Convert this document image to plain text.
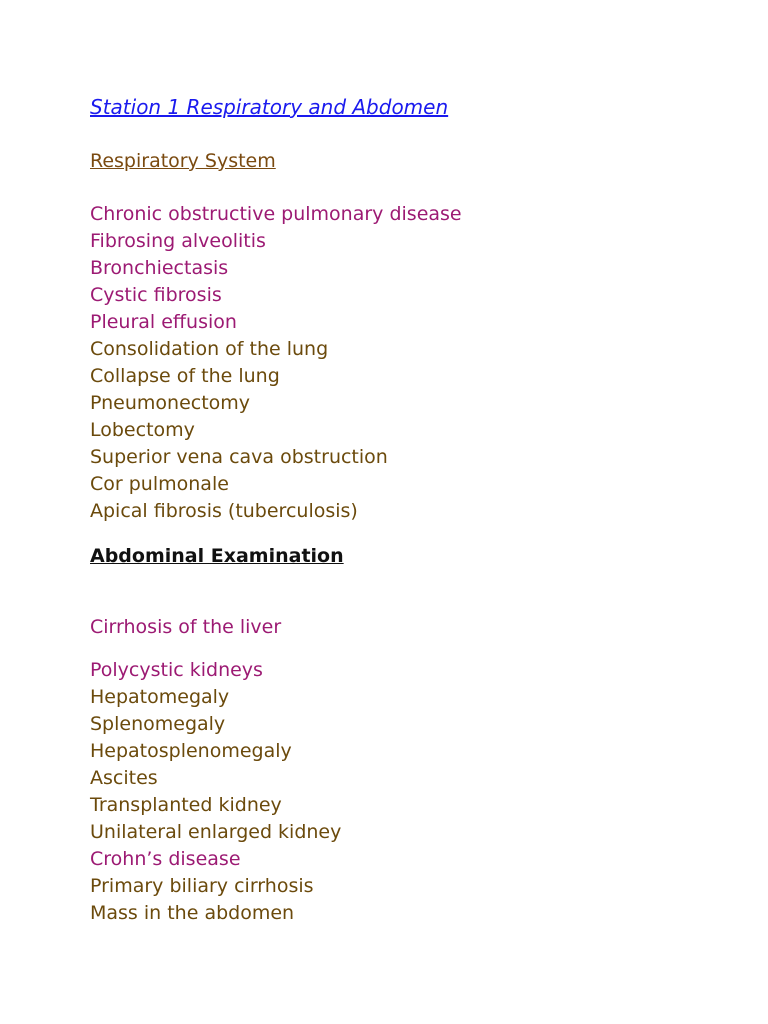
Station 1 Respiratory and Abdomen
Respiratory System
Chronic obstructive pulmonary disease
Fibrosing alveolitis
Bronchiectasis
Cystic fibrosis
Pleural effusion
Consolidation of the lung
Collapse of the lung
Pneumonectomy
Lobectomy
Superior vena cava obstruction
Cor pulmonale
Apical fibrosis (tuberculosis)
Abdominal Examination
Cirrhosis of the liver
Polycystic kidneys
Hepatomegaly
Splenomegaly
Hepatosplenomegaly
Ascites
Transplanted kidney
Unilateral enlarged kidney
Crohn’s disease
Primary biliary cirrhosis
Mass in the abdomen
